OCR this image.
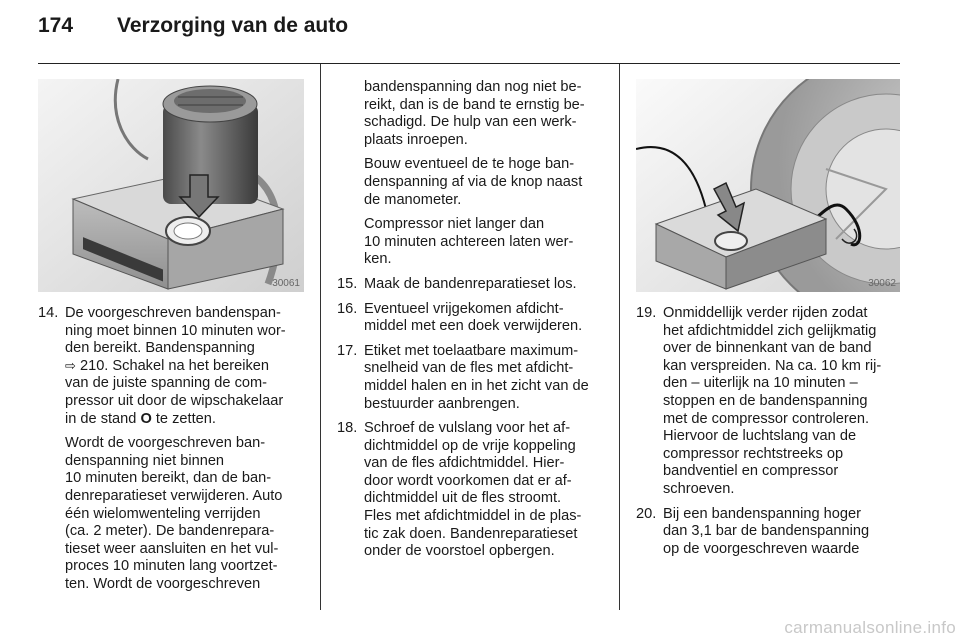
174 Verzorging van de auto
30061	30062
14. De voorgeschreven bandenspan-
ning moet binnen 10 minuten wor-
den bereikt. Bandenspanning
⇨ 210. Schakel na het bereiken
van de juiste spanning de com-
pressor uit door de wipschakelaar
in de stand O te zetten.
Wordt de voorgeschreven ban-
denspanning niet binnen
10 minuten bereikt, dan de ban-
denreparatieset verwijderen. Auto
één wielomwenteling verrijden
(ca. 2 meter). De bandenrepara-
tieset weer aansluiten en het vul-
proces 10 minuten lang voortzet-
ten. Wordt de voorgeschreven
bandenspanning dan nog niet be-
reikt, dan is de band te ernstig be-
schadigd. De hulp van een werk-
plaats inroepen.
Bouw eventueel de te hoge ban-
denspanning af via de knop naast
de manometer.
Compressor niet langer dan
10 minuten achtereen laten wer-
ken.
15. Maak de bandenreparatieset los.
16. Eventueel vrijgekomen afdicht-
middel met een doek verwijderen.
17. Etiket met toelaatbare maximum-
snelheid van de fles met afdicht-
middel halen en in het zicht van de
bestuurder aanbrengen.
18. Schroef de vulslang voor het af-
dichtmiddel op de vrije koppeling
van de fles afdichtmiddel. Hier-
door wordt voorkomen dat er af-
dichtmiddel uit de fles stroomt.
Fles met afdichtmiddel in de plas-
tic zak doen. Bandenreparatieset
onder de voorstoel opbergen.
19. Onmiddellijk verder rijden zodat
het afdichtmiddel zich gelijkmatig
over de binnenkant van de band
kan verspreiden. Na ca. 10 km rij-
den – uiterlijk na 10 minuten –
stoppen en de bandenspanning
met de compressor controleren.
Hiervoor de luchtslang van de
compressor rechtstreeks op
bandventiel en compressor
schroeven.
20. Bij een bandenspanning hoger
dan 3,1 bar de bandenspanning
op de voorgeschreven waarde
carmanualsonline.info
